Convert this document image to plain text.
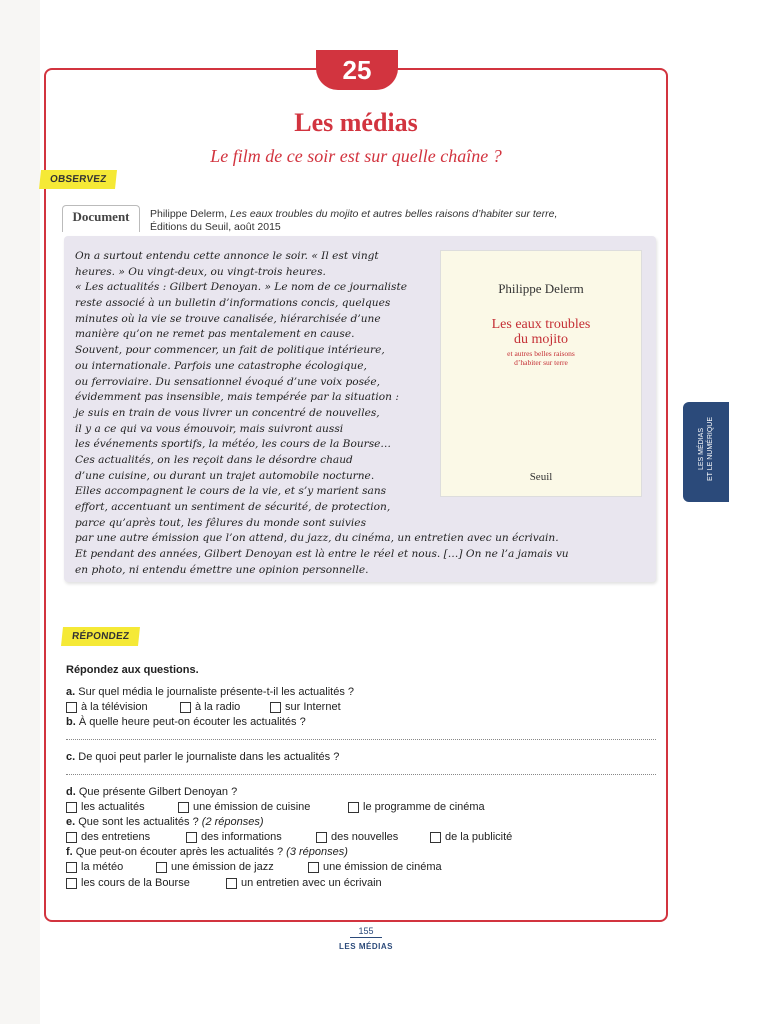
25
Les médias
Le film de ce soir est sur quelle chaîne ?
OBSERVEZ
Document	Philippe Delerm, Les eaux troubles du mojito et autres belles raisons d’habiter sur terre,
Éditions du Seuil, août 2015
On a surtout entendu cette annonce le soir. « Il est vingt
heures. » Ou vingt-deux, ou vingt-trois heures.
« Les actualités : Gilbert Denoyan. » Le nom de ce journaliste
reste associé à un bulletin d’informations concis, quelques
minutes où la vie se trouve canalisée, hiérarchisée d’une
manière qu’on ne remet pas mentalement en cause.
Souvent, pour commencer, un fait de politique intérieure,
ou internationale. Parfois une catastrophe écologique,
ou ferroviaire. Du sensationnel évoqué d’une voix posée,
évidemment pas insensible, mais tempérée par la situation :
je suis en train de vous livrer un concentré de nouvelles,
il y a ce qui va vous émouvoir, mais suivront aussi
les événements sportifs, la météo, les cours de la Bourse…
Ces actualités, on les reçoit dans le désordre chaud
d’une cuisine, ou durant un trajet automobile nocturne.
Elles accompagnent le cours de la vie, et s’y marient sans
effort, accentuant un sentiment de sécurité, de protection,
parce qu’après tout, les fêlures du monde sont suivies
par une autre émission que l’on attend, du jazz, du cinéma, un entretien avec un écrivain.
Et pendant des années, Gilbert Denoyan est là entre le réel et nous. […] On ne l’a jamais vu
en photo, ni entendu émettre une opinion personnelle.
Philippe Delerm
Les eaux troubles
du mojito
et autres belles raisons
d’habiter sur terre
Seuil
LES MÉDIAS ET LE NUMÉRIQUE
RÉPONDEZ
Répondez aux questions.
a. Sur quel média le journaliste présente-t-il les actualités ?
à la télévision	à la radio	sur Internet
b. À quelle heure peut-on écouter les actualités ?
c. De quoi peut parler le journaliste dans les actualités ?
d. Que présente Gilbert Denoyan ?
les actualités	une émission de cuisine	le programme de cinéma
e. Que sont les actualités ? (2 réponses)
des entretiens	des informations	des nouvelles	de la publicité
f. Que peut-on écouter après les actualités ? (3 réponses)
la météo	une émission de jazz	une émission de cinéma
les cours de la Bourse	un entretien avec un écrivain
155
LES MÉDIAS
